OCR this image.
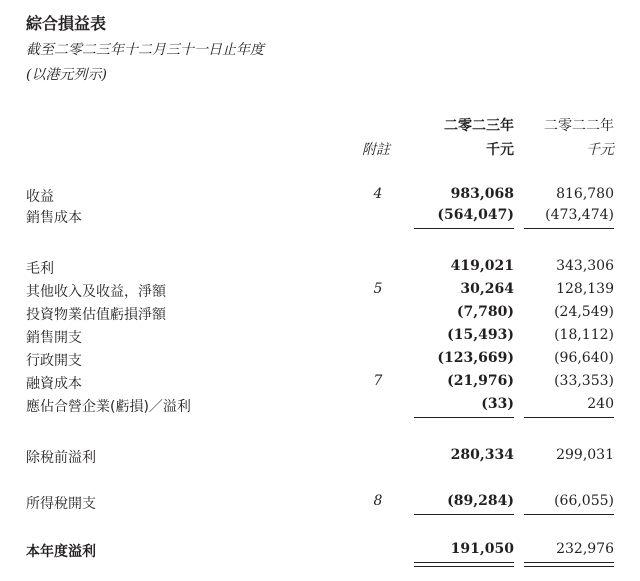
綜合損益表
截至二零二三年十二月三十一日止年度
(以港元列示)
二零二三年 二零二二年
附註	千元	千元
收益	4	983,068	816,780
銷售成本	(564,047) (473,474)
毛利	419,021	343,306
其他收入及收益，淨額	5	30,264	128,139
投資物業估值虧損淨額	(7,780)	(24,549)
銷售開支	(15,493)	(18,112)
行政開支	(123,669)	(96,640)
融資成本	7	(21,976)	(33,353)
應佔合營企業(虧損)／溢利	(33)	240
除稅前溢利	280,334	299,031
所得稅開支	8	(89,284)	(66,055)
本年度溢利	191,050	232,976
